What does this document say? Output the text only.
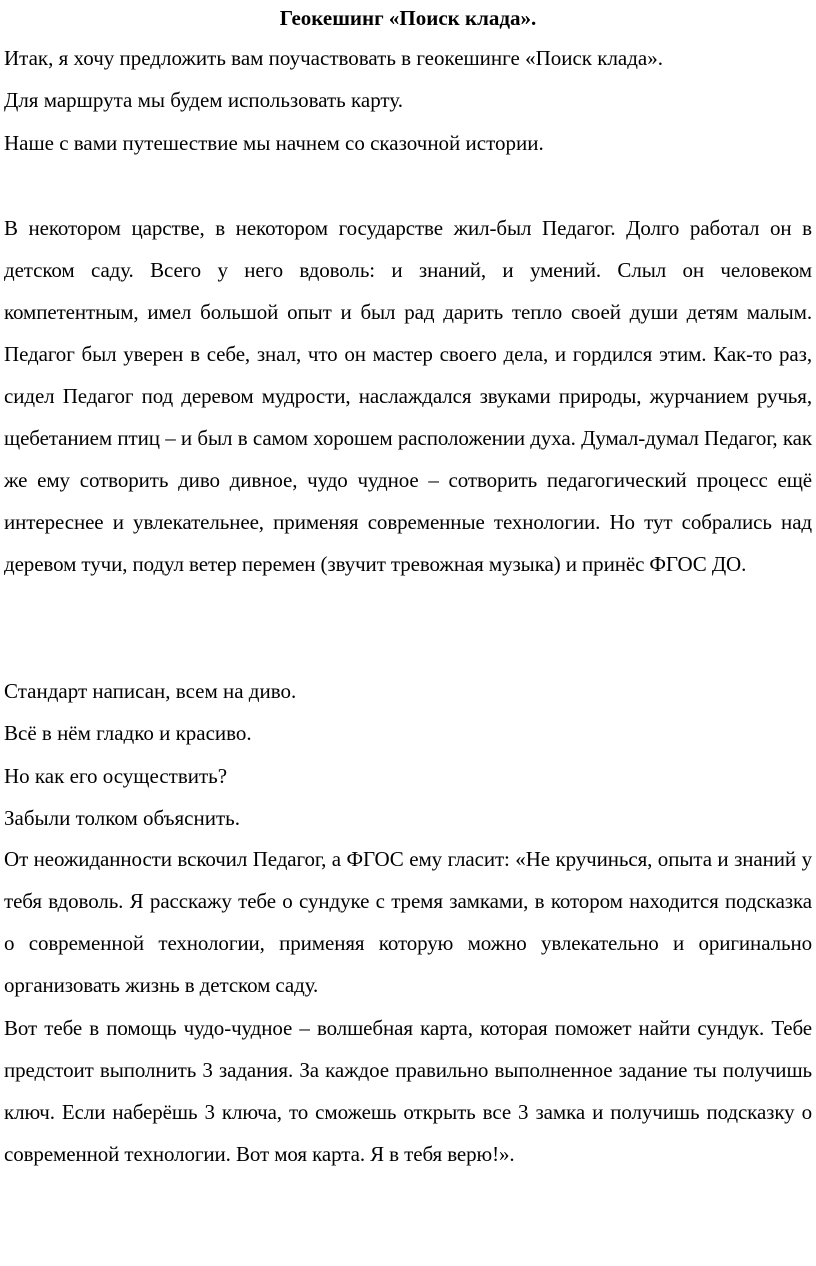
Геокешинг «Поиск клада».

Итак, я хочу предложить вам поучаствовать в геокешинге «Поиск клада».

Для маршрута мы будем использовать карту.

Наше с вами путешествие мы начнем со сказочной истории.

В некотором царстве, в некотором государстве жил-был Педагог. Долго работал он в детском саду. Всего у него вдоволь: и знаний, и умений. Слыл он человеком компетентным, имел большой опыт и был рад дарить тепло своей души детям малым. Педагог был уверен в себе, знал, что он мастер своего дела, и гордился этим. Как-то раз, сидел Педагог под деревом мудрости, наслаждался звуками природы, журчанием ручья, щебетанием птиц – и был в самом хорошем расположении духа. Думал-думал Педагог, как же ему сотворить диво дивное, чудо чудное – сотворить педагогический процесс ещё интереснее и увлекательнее, применяя современные технологии. Но тут собрались над деревом тучи, подул ветер перемен (звучит тревожная музыка) и принёс ФГОС ДО.

Стандарт написан, всем на диво.

Всё в нём гладко и красиво.

Но как его осуществить?

Забыли толком объяснить.

От неожиданности вскочил Педагог, а ФГОС ему гласит: «Не кручинься, опыта и знаний у тебя вдоволь. Я расскажу тебе о сундуке с тремя замками, в котором находится подсказка о современной технологии, применяя которую можно увлекательно и оригинально организовать жизнь в детском саду.

Вот тебе в помощь чудо-чудное – волшебная карта, которая поможет найти сундук. Тебе предстоит выполнить 3 задания. За каждое правильно выполненное задание ты получишь ключ. Если наберёшь 3 ключа, то сможешь открыть все 3 замка и получишь подсказку о современной технологии. Вот моя карта. Я в тебя верю!».
